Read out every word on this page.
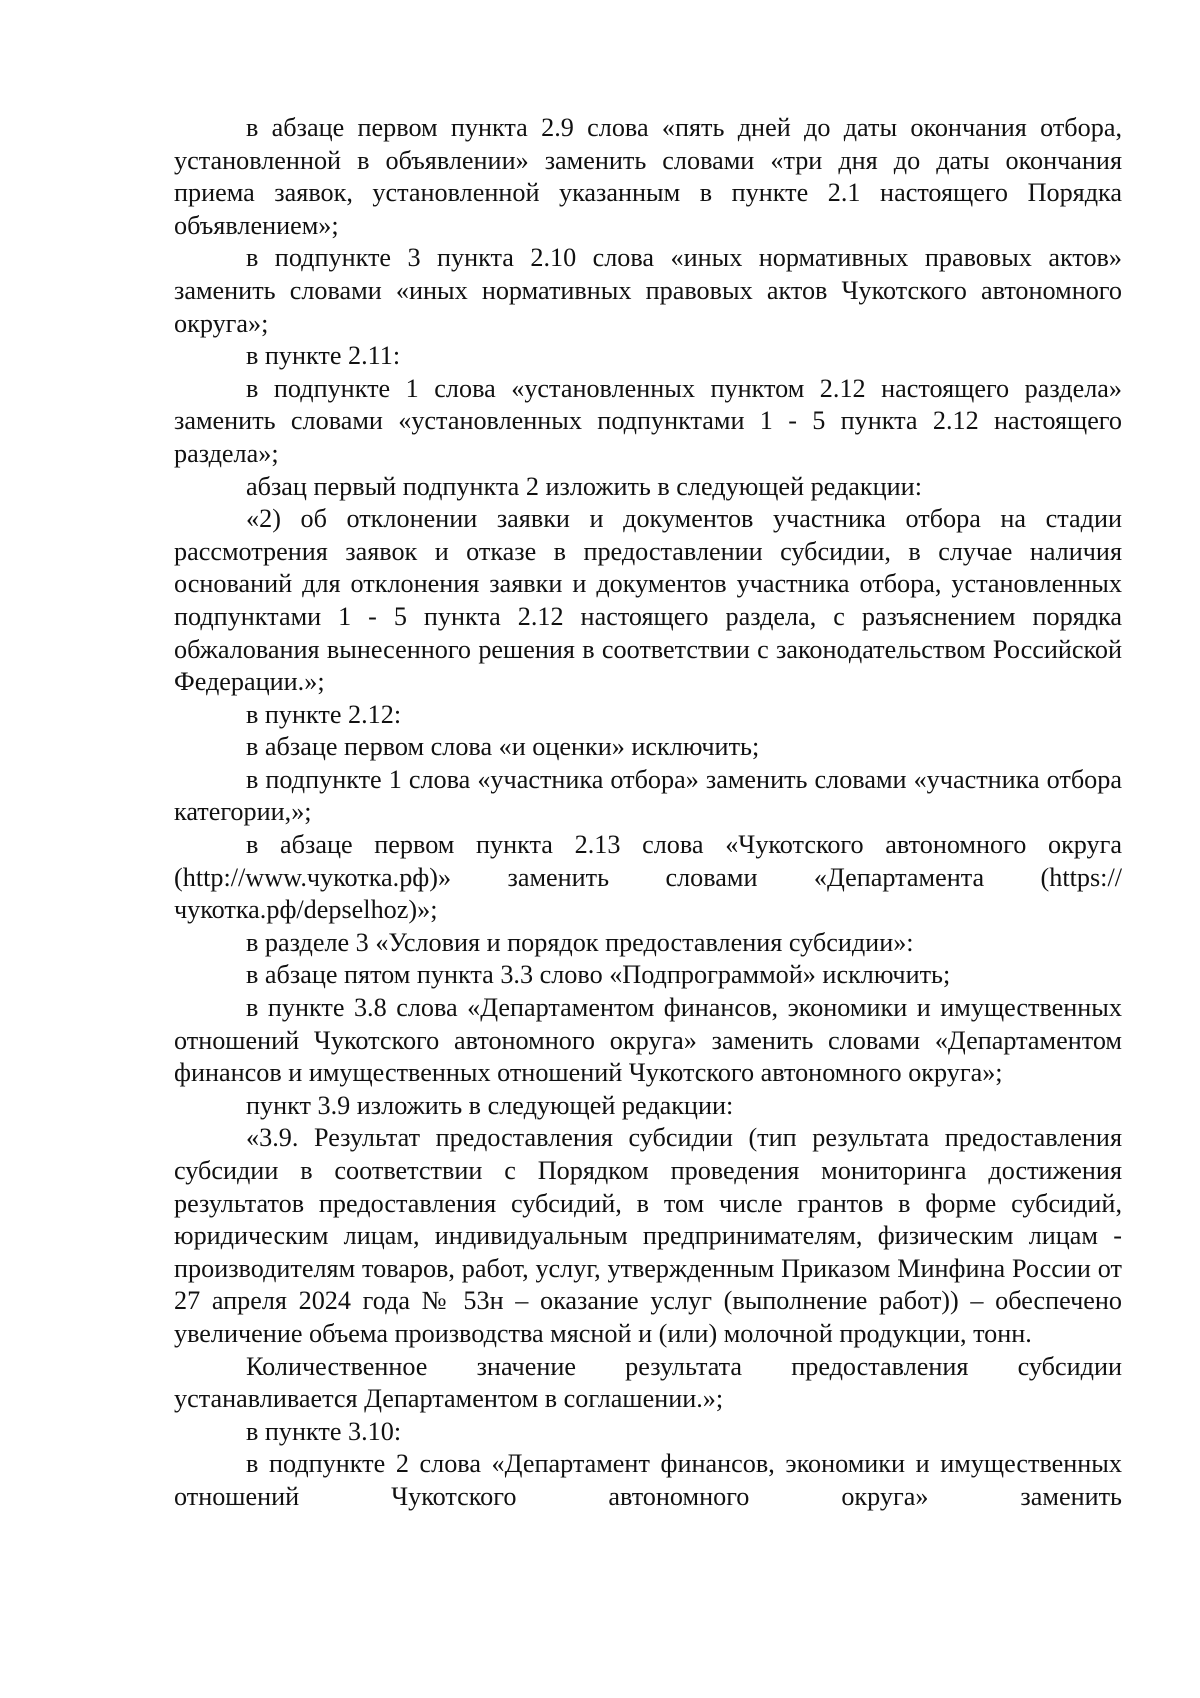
в абзаце первом пункта 2.9 слова «пять дней до даты окончания отбора, установленной в объявлении» заменить словами «три дня до даты окончания приема заявок, установленной указанным в пункте 2.1 настоящего Порядка объявлением»;

в подпункте 3 пункта 2.10 слова «иных нормативных правовых актов» заменить словами «иных нормативных правовых актов Чукотского автономного округа»;

в пункте 2.11:

в подпункте 1 слова «установленных пунктом 2.12 настоящего раздела» заменить словами «установленных подпунктами 1 - 5 пункта 2.12 настоящего раздела»;

абзац первый подпункта 2 изложить в следующей редакции:

«2) об отклонении заявки и документов участника отбора на стадии рассмотрения заявок и отказе в предоставлении субсидии, в случае наличия оснований для отклонения заявки и документов участника отбора, установленных подпунктами 1 - 5 пункта 2.12 настоящего раздела, с разъяснением порядка обжалования вынесенного решения в соответствии с законодательством Российской Федерации.»;

в пункте 2.12:

в абзаце первом слова «и оценки» исключить;

в подпункте 1 слова «участника отбора» заменить словами «участника отбора категории,»;

в абзаце первом пункта 2.13 слова «Чукотского автономного округа (http://www.чукотка.рф)» заменить словами «Департамента (https://чукотка.рф/depselhoz)»;

в разделе 3 «Условия и порядок предоставления субсидии»:

в абзаце пятом пункта 3.3 слово «Подпрограммой» исключить;

в пункте 3.8 слова «Департаментом финансов, экономики и имущественных отношений Чукотского автономного округа» заменить словами «Департаментом финансов и имущественных отношений Чукотского автономного округа»;

пункт 3.9 изложить в следующей редакции:

«3.9. Результат предоставления субсидии (тип результата предоставления субсидии в соответствии с Порядком проведения мониторинга достижения результатов предоставления субсидий, в том числе грантов в форме субсидий, юридическим лицам, индивидуальным предпринимателям, физическим лицам - производителям товаров, работ, услуг, утвержденным Приказом Минфина России от 27 апреля 2024 года № 53н – оказание услуг (выполнение работ)) – обеспечено увеличение объема производства мясной и (или) молочной продукции, тонн.

Количественное значение результата предоставления субсидии устанавливается Департаментом в соглашении.»;

в пункте 3.10:

в подпункте 2 слова «Департамент финансов, экономики и имущественных отношений Чукотского автономного округа» заменить
